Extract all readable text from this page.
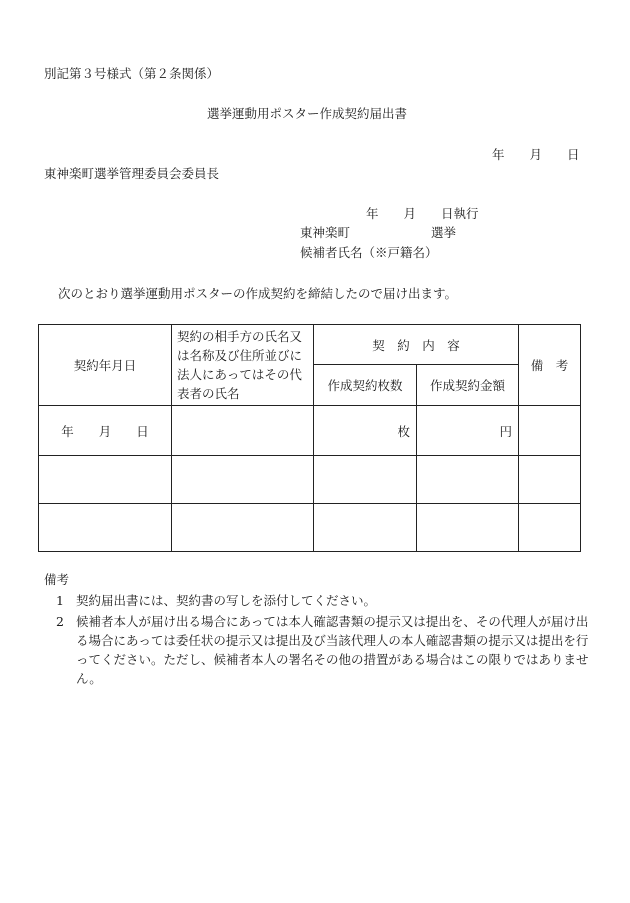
別記第３号様式（第２条関係）
選挙運動用ポスター作成契約届出書
年　　月　　日
東神楽町選挙管理委員会委員長
年　　月　　日執行
東神楽町	選挙
候補者氏名（※戸籍名）
次のとおり選挙運動用ポスターの作成契約を締結したので届け出ます。
契約年月日	契約の相手方の氏名又は名称及び住所並びに法人にあってはその代表者の氏名	契　約　内　容		備　考
		作成契約枚数	作成契約金額	
年　　月　　日		枚	円	

備考
1 契約届出書には、契約書の写しを添付してください。
2 候補者本人が届け出る場合にあっては本人確認書類の提示又は提出を、その代理人が届け出る場合にあっては委任状の提示又は提出及び当該代理人の本人確認書類の提示又は提出を行ってください。ただし、候補者本人の署名その他の措置がある場合はこの限りではありません。
